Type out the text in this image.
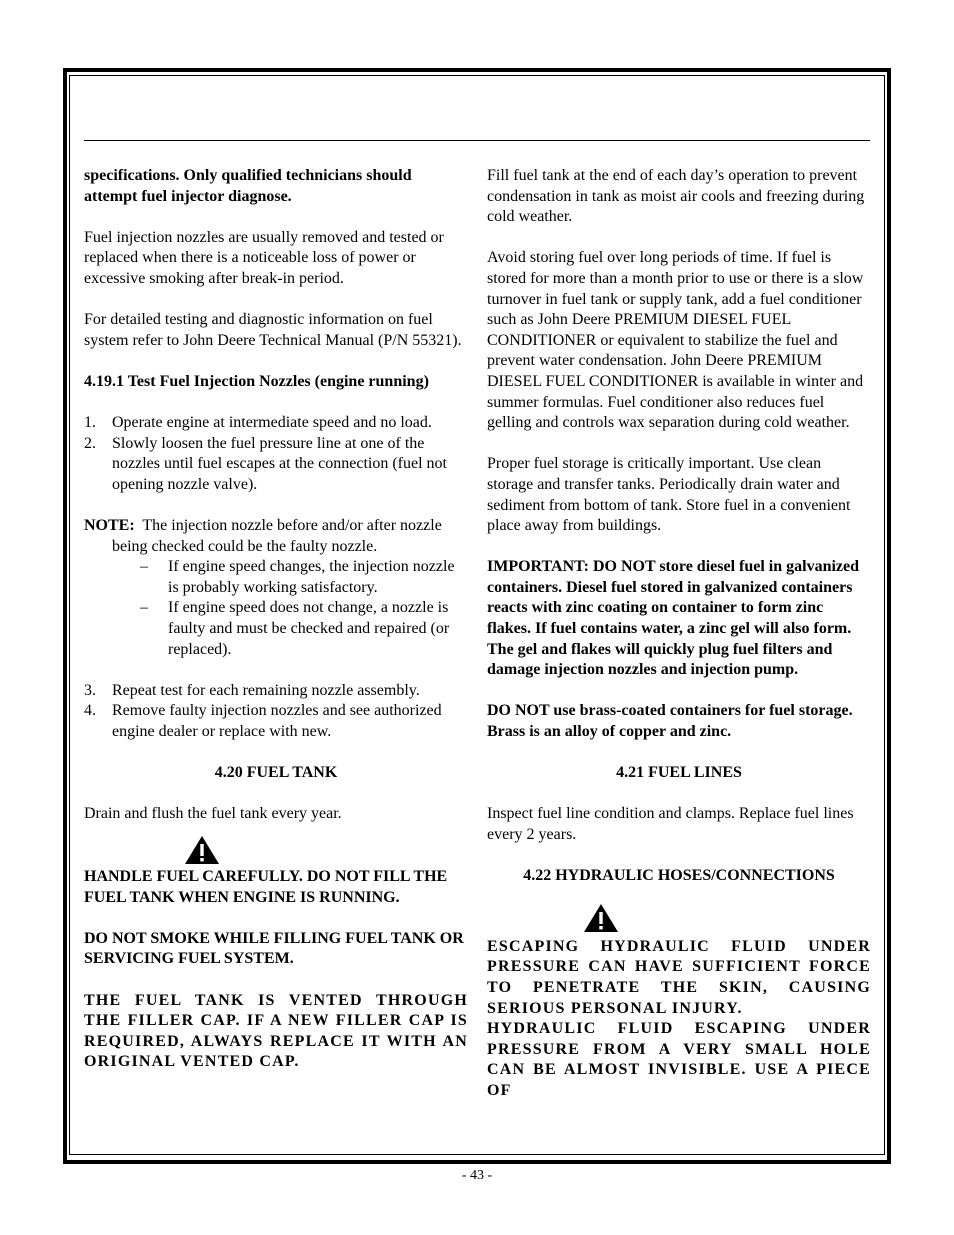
specifications. Only qualified technicians should attempt fuel injector diagnose.

Fuel injection nozzles are usually removed and tested or replaced when there is a noticeable loss of power or excessive smoking after break-in period.

For detailed testing and diagnostic information on fuel system refer to John Deere Technical Manual (P/N 55321).

4.19.1 Test Fuel Injection Nozzles (engine running)

1. Operate engine at intermediate speed and no load.
2. Slowly loosen the fuel pressure line at one of the nozzles until fuel escapes at the connection (fuel not opening nozzle valve).
NOTE: The injection nozzle before and/or after nozzle being checked could be the faulty nozzle.
– If engine speed changes, the injection nozzle is probably working satisfactory.
– If engine speed does not change, a nozzle is faulty and must be checked and repaired (or replaced).
3. Repeat test for each remaining nozzle assembly.
4. Remove faulty injection nozzles and see authorized engine dealer or replace with new.

4.20 FUEL TANK

Drain and flush the fuel tank every year.

HANDLE FUEL CAREFULLY. DO NOT FILL THE FUEL TANK WHEN ENGINE IS RUNNING.

DO NOT SMOKE WHILE FILLING FUEL TANK OR SERVICING FUEL SYSTEM.

THE FUEL TANK IS VENTED THROUGH THE FILLER CAP. IF A NEW FILLER CAP IS REQUIRED, ALWAYS REPLACE IT WITH AN ORIGINAL VENTED CAP.

Fill fuel tank at the end of each day’s operation to prevent condensation in tank as moist air cools and freezing during cold weather.

Avoid storing fuel over long periods of time. If fuel is stored for more than a month prior to use or there is a slow turnover in fuel tank or supply tank, add a fuel conditioner such as John Deere PREMIUM DIESEL FUEL CONDITIONER or equivalent to stabilize the fuel and prevent water condensation. John Deere PREMIUM DIESEL FUEL CONDITIONER is available in winter and summer formulas. Fuel conditioner also reduces fuel gelling and controls wax separation during cold weather.

Proper fuel storage is critically important. Use clean storage and transfer tanks. Periodically drain water and sediment from bottom of tank. Store fuel in a convenient place away from buildings.

IMPORTANT: DO NOT store diesel fuel in galvanized containers. Diesel fuel stored in galvanized containers reacts with zinc coating on container to form zinc flakes. If fuel contains water, a zinc gel will also form. The gel and flakes will quickly plug fuel filters and damage injection nozzles and injection pump.

DO NOT use brass-coated containers for fuel storage. Brass is an alloy of copper and zinc.

4.21 FUEL LINES

Inspect fuel line condition and clamps. Replace fuel lines every 2 years.

4.22 HYDRAULIC HOSES/CONNECTIONS

ESCAPING HYDRAULIC FLUID UNDER PRESSURE CAN HAVE SUFFICIENT FORCE TO PENETRATE THE SKIN, CAUSING SERIOUS PERSONAL INJURY.

HYDRAULIC FLUID ESCAPING UNDER PRESSURE FROM A VERY SMALL HOLE CAN BE ALMOST INVISIBLE. USE A PIECE OF

- 43 -
